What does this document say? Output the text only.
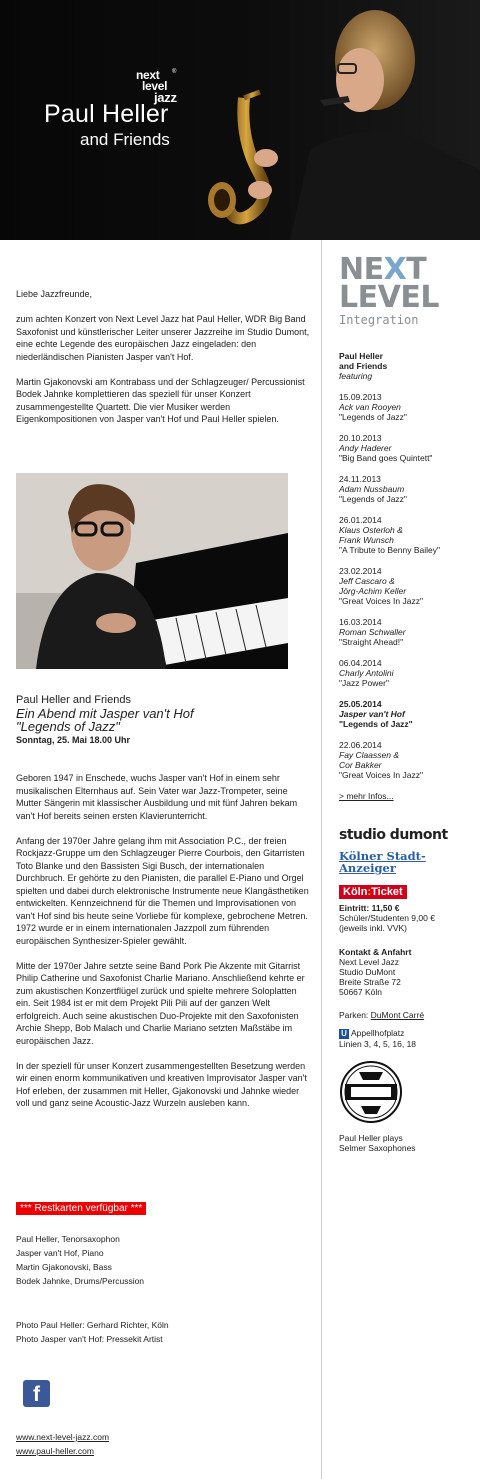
next
level
jazz
®
Paul Heller
and Friends

Liebe Jazzfreunde,

zum achten Konzert von Next Level Jazz hat Paul Heller, WDR Big Band Saxofonist und künstlerischer Leiter unserer Jazzreihe im Studio Dumont, eine echte Legende des europäischen Jazz eingeladen: den niederländischen Pianisten Jasper van't Hof.

Martin Gjakonovski am Kontrabass und der Schlagzeuger/ Percussionist Bodek Jahnke komplettieren das speziell für unser Konzert zusammengestellte Quartett. Die vier Musiker werden Eigenkompositionen von Jasper van't Hof und Paul Heller spielen.

Paul Heller and Friends
Ein Abend mit Jasper van't Hof
"Legends of Jazz"
Sonntag, 25. Mai 18.00 Uhr

Geboren 1947 in Enschede, wuchs Jasper van't Hof in einem sehr musikalischen Elternhaus auf. Sein Vater war Jazz-Trompeter, seine Mutter Sängerin mit klassischer Ausbildung und mit fünf Jahren bekam van't Hof bereits seinen ersten Klavierunterricht.

Anfang der 1970er Jahre gelang ihm mit Association P.C., der freien Rockjazz-Gruppe um den Schlagzeuger Pierre Courbois, den Gitarristen Toto Blanke und den Bassisten Sigi Busch, der internationalen Durchbruch. Er gehörte zu den Pianisten, die parallel E-Piano und Orgel spielten und dabei durch elektronische Instrumente neue Klangästhetiken entwickelten. Kennzeichnend für die Themen und Improvisationen von van't Hof sind bis heute seine Vorliebe für komplexe, gebrochene Metren. 1972 wurde er in einem internationalen Jazzpoll zum führenden europäischen Synthesizer-Spieler gewählt.

Mitte der 1970er Jahre setzte seine Band Pork Pie Akzente mit Gitarrist Philip Catherine und Saxofonist Charlie Mariano. Anschließend kehrte er zum akustischen Konzertflügel zurück und spielte mehrere Soloplatten ein. Seit 1984 ist er mit dem Projekt Pili Pili auf der ganzen Welt erfolgreich. Auch seine akustischen Duo-Projekte mit den Saxofonisten Archie Shepp, Bob Malach und Charlie Mariano setzten Maßstäbe im europäischen Jazz.

In der speziell für unser Konzert zusammengestellten Besetzung werden wir einen enorm kommunikativen und kreativen Improvisator Jasper van't Hof erleben, der zusammen mit Heller, Gjakonovski und Jahnke wieder voll und ganz seine Acoustic-Jazz Wurzeln ausleben kann.

*** Restkarten verfügbar ***
Paul Heller, Tenorsaxophon
Jasper van't Hof, Piano
Martin Gjakonovski, Bass
Bodek Jahnke, Drums/Percussion
Photo Paul Heller: Gerhard Richter, Köln
Photo Jasper van't Hof: Pressekit Artist
f
www.next-level-jazz.com
www.paul-heller.com
NEXT
LEVEL
Integration
Paul Heller
and Friends
featuring
15.09.2013
Ack van Rooyen
"Legends of Jazz"
20.10.2013
Andy Haderer
"Big Band goes Quintett"
24.11.2013
Adam Nussbaum
"Legends of Jazz"
26.01.2014
Klaus Osterloh &
Frank Wunsch
"A Tribute to Benny Bailey"
23.02.2014
Jeff Cascaro &
Jörg-Achim Keller
"Great Voices In Jazz"
16.03.2014
Roman Schwaller
"Straight Ahead!"
06.04.2014
Charly Antolini
"Jazz Power"
25.05.2014
Jasper van't Hof
"Legends of Jazz"
22.06.2014
Fay Claassen &
Cor Bakker
"Great Voices In Jazz"
> mehr Infos...
studio dumont
Kölner Stadt-Anzeiger
Köln:Ticket
Eintritt: 11,50 €
Schüler/Studenten 9,00 €
(jeweils inkl. VVK)
Kontakt & Anfahrt
Next Level Jazz
Studio DuMont
Breite Straße 72
50667 Köln
Parken: DuMont Carré
U Appellhofplatz
Linien 3, 4, 5, 16, 18
Paul Heller plays
Selmer Saxophones
